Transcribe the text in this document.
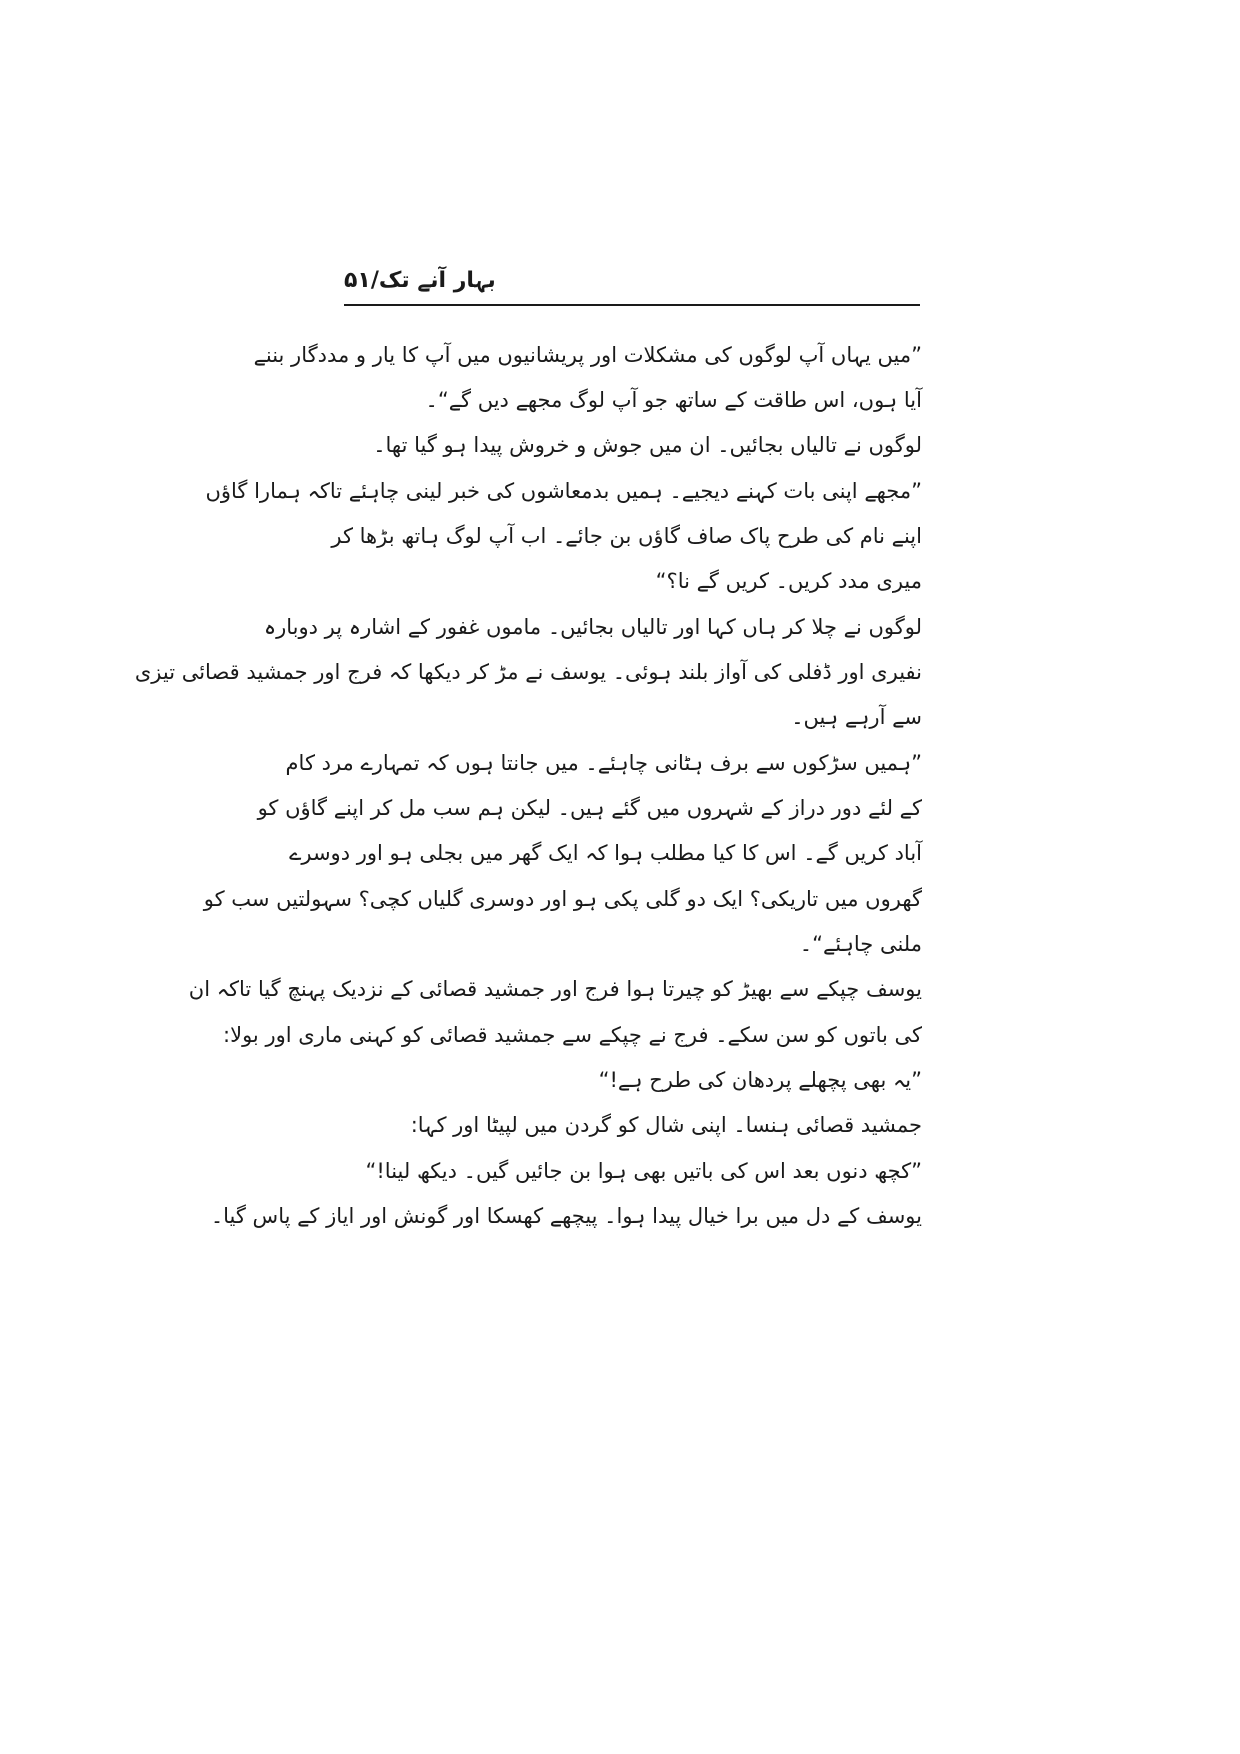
بہار آنے تک/۵۱
”میں یہاں آپ لوگوں کی مشکلات اور پریشانیوں میں آپ کا یار و مددگار بننے
آیا ہوں، اس طاقت کے ساتھ جو آپ لوگ مجھے دیں گے“۔
لوگوں نے تالیاں بجائیں۔ ان میں جوش و خروش پیدا ہو گیا تھا۔
”مجھے اپنی بات کہنے دیجیے۔ ہمیں بدمعاشوں کی خبر لینی چاہئے تاکہ ہمارا گاؤں
اپنے نام کی طرح پاک صاف گاؤں بن جائے۔ اب آپ لوگ ہاتھ بڑھا کر
میری مدد کریں۔ کریں گے نا؟“
لوگوں نے چلا کر ہاں کہا اور تالیاں بجائیں۔ ماموں غفور کے اشارہ پر دوبارہ
نفیری اور ڈفلی کی آواز بلند ہوئی۔ یوسف نے مڑ کر دیکھا کہ فرج اور جمشید قصائی تیزی
سے آرہے ہیں۔
”ہمیں سڑکوں سے برف ہٹانی چاہئے۔ میں جانتا ہوں کہ تمہارے مرد کام
کے لئے دور دراز کے شہروں میں گئے ہیں۔ لیکن ہم سب مل کر اپنے گاؤں کو
آباد کریں گے۔ اس کا کیا مطلب ہوا کہ ایک گھر میں بجلی ہو اور دوسرے
گھروں میں تاریکی؟ ایک دو گلی پکی ہو اور دوسری گلیاں کچی؟ سہولتیں سب کو
ملنی چاہئے“۔
یوسف چپکے سے بھیڑ کو چیرتا ہوا فرج اور جمشید قصائی کے نزدیک پہنچ گیا تاکہ ان
کی باتوں کو سن سکے۔ فرج نے چپکے سے جمشید قصائی کو کہنی ماری اور بولا:
”یہ بھی پچھلے پردھان کی طرح ہے!“
جمشید قصائی ہنسا۔ اپنی شال کو گردن میں لپیٹا اور کہا:
”کچھ دنوں بعد اس کی باتیں بھی ہوا بن جائیں گیں۔ دیکھ لینا!“
یوسف کے دل میں برا خیال پیدا ہوا۔ پیچھے کھسکا اور گونش اور ایاز کے پاس گیا۔
